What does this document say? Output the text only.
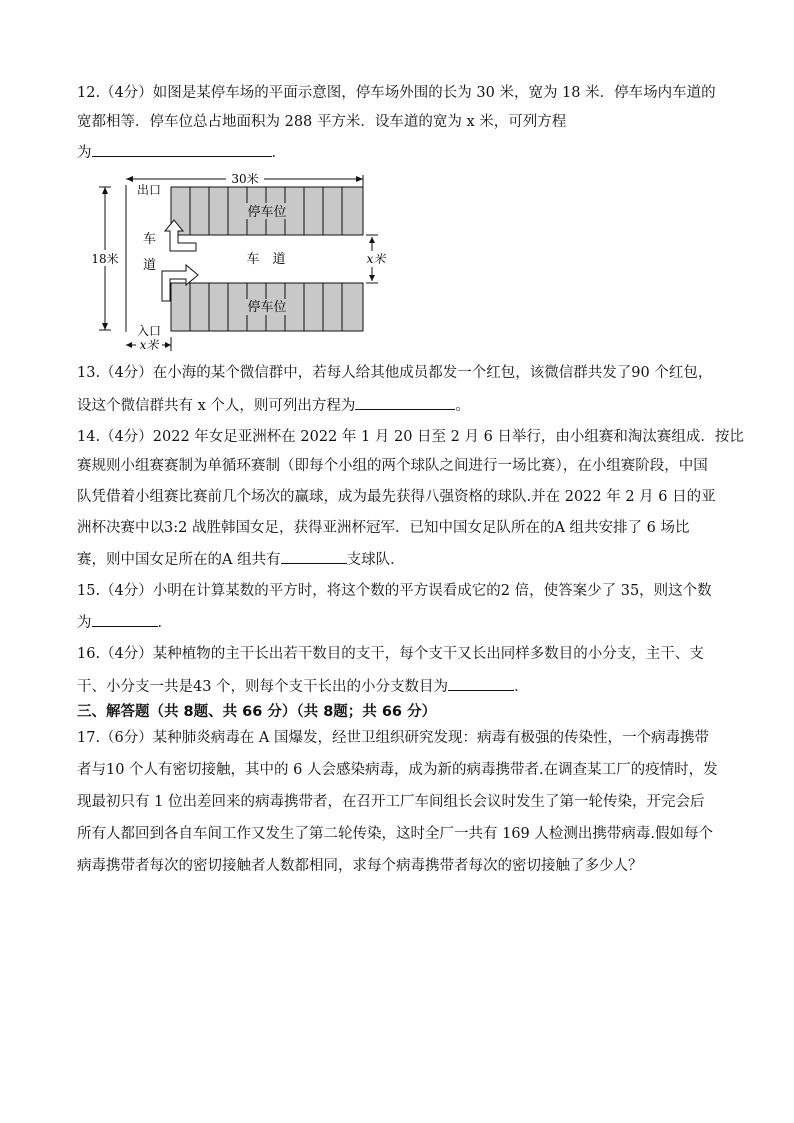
12.（4分）如图是某停车场的平面示意图，停车场外围的长为 30 米，宽为 18 米．停车场内车道的
宽都相等．停车位总占地面积为 288 平方米．设车道的宽为 x 米，可列方程
为	．
30米
18米
出口
入口
停车位
停车位
车　道
车
道	x米
x米
13.（4分）在小海的某个微信群中，若每人给其他成员都发一个红包，该微信群共发了90 个红包，
设这个微信群共有 x 个人，则可列出方程为	。
14.（4分）2022 年女足亚洲杯在 2022 年 1 月 20 日至 2 月 6 日举行，由小组赛和淘汰赛组成．按比
赛规则小组赛赛制为单循环赛制（即每个小组的两个球队之间进行一场比赛），在小组赛阶段，中国
队凭借着小组赛比赛前几个场次的赢球，成为最先获得八强资格的球队.并在 2022 年 2 月 6 日的亚
洲杯决赛中以3:2 战胜韩国女足，获得亚洲杯冠军．已知中国女足队所在的A 组共安排了 6 场比
赛，则中国女足所在的A 组共有	支球队．
15.（4分）小明在计算某数的平方时，将这个数的平方误看成它的2 倍，使答案少了 35，则这个数
为	．
16.（4分）某种植物的主干长出若干数目的支干，每个支干又长出同样多数目的小分支，主干、支
干、小分支一共是43 个，则每个支干长出的小分支数目为	．
三、解答题（共 8题、共 66 分）（共 8题；共 66 分）
17.（6分）某种肺炎病毒在 A 国爆发，经世卫组织研究发现：病毒有极强的传染性，一个病毒携带
者与10 个人有密切接触，其中的 6 人会感染病毒，成为新的病毒携带者.在调查某工厂的疫情时，发
现最初只有 1 位出差回来的病毒携带者，在召开工厂车间组长会议时发生了第一轮传染，开完会后
所有人都回到各自车间工作又发生了第二轮传染，这时全厂一共有 169 人检测出携带病毒.假如每个
病毒携带者每次的密切接触者人数都相同，求每个病毒携带者每次的密切接触了多少人？
